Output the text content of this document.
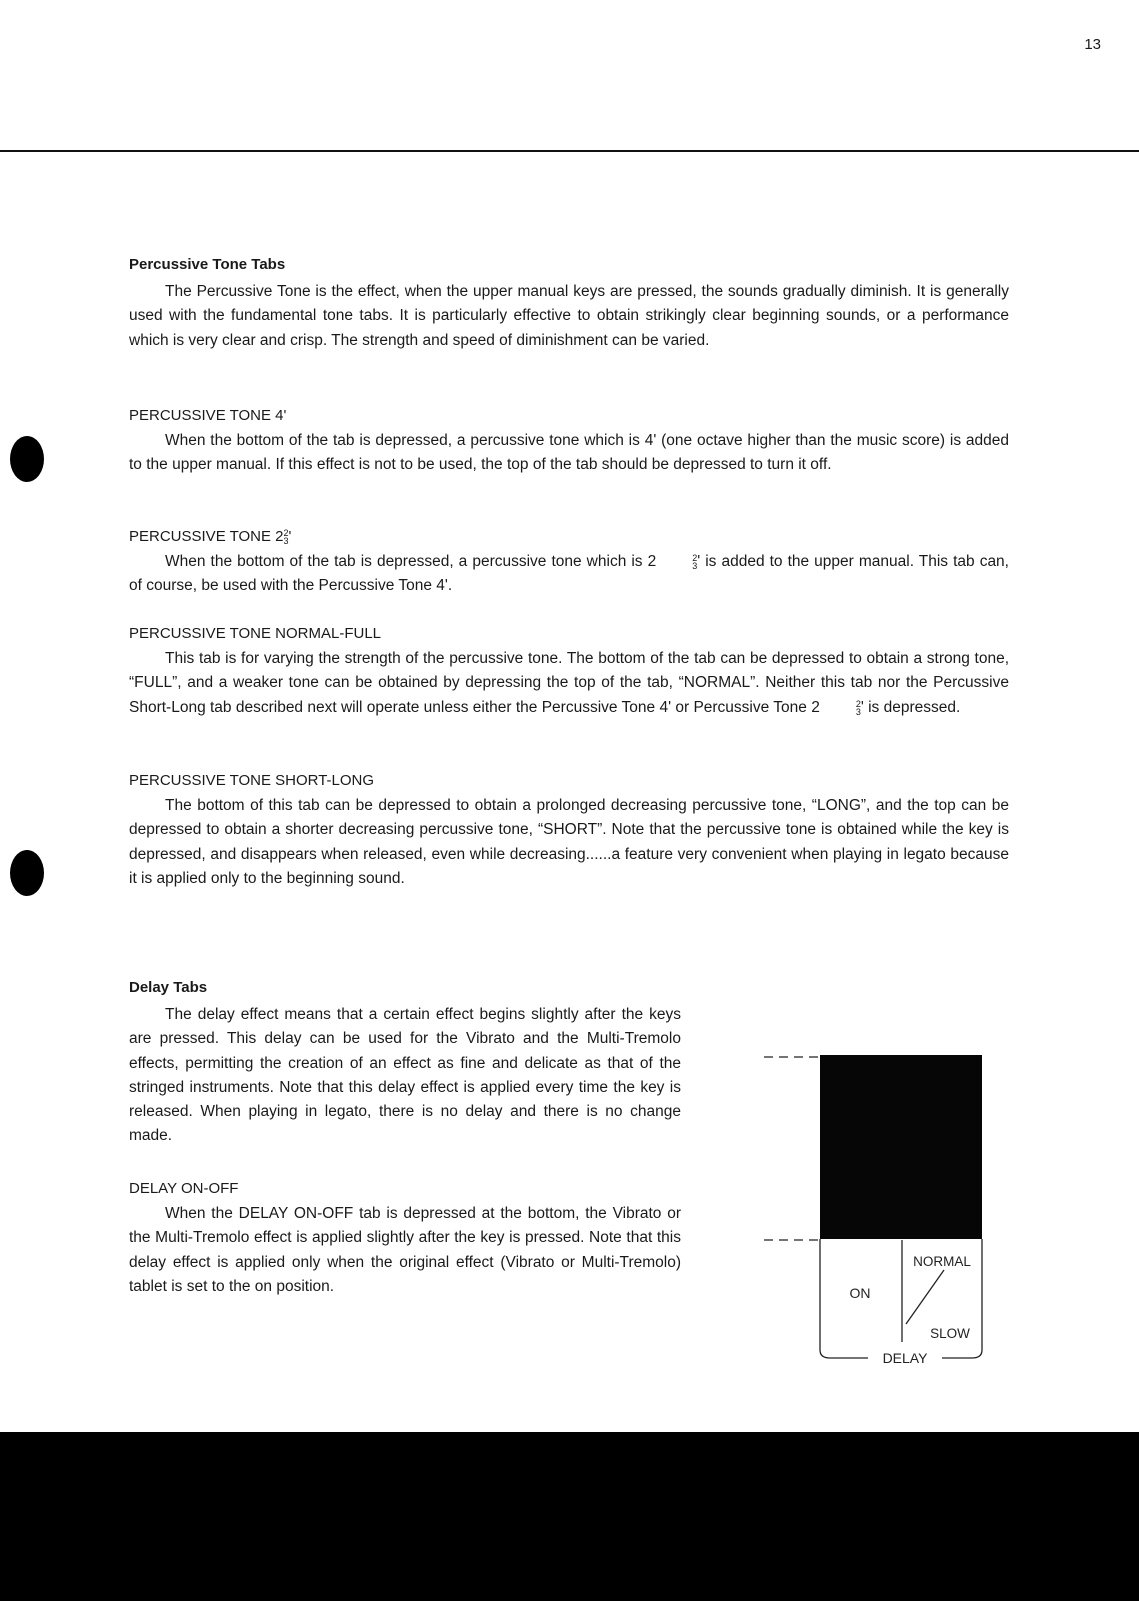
13
Percussive Tone Tabs

The Percussive Tone is the effect, when the upper manual keys are pressed, the sounds gradually diminish. It is generally used with the fundamental tone tabs. It is particularly effective to obtain strikingly clear beginning sounds, or a performance which is very clear and crisp. The strength and speed of diminishment can be varied.

PERCUSSIVE TONE 4'

When the bottom of the tab is depressed, a percussive tone which is 4' (one octave higher than the music score) is added to the upper manual. If this effect is not to be used, the top of the tab should be depressed to turn it off.

PERCUSSIVE TONE 2 2
3 '

When the bottom of the tab is depressed, a percussive tone which is 2	2
3 ' is added to the upper manual. This tab can, of course, be used with the Percussive Tone 4'.

PERCUSSIVE TONE NORMAL-FULL

This tab is for varying the strength of the percussive tone. The bottom of the tab can be depressed to obtain a strong tone, “FULL”, and a weaker tone can be obtained by depressing the top of the tab, “NORMAL”. Neither this tab nor the Percussive Short-Long tab described next will operate unless either the Percussive Tone 4' or Percussive Tone 2	2
3 ' is depressed.

PERCUSSIVE TONE SHORT-LONG

The bottom of this tab can be depressed to obtain a prolonged decreasing percussive tone, “LONG”, and the top can be depressed to obtain a shorter decreasing percussive tone, “SHORT”. Note that the percussive tone is obtained while the key is depressed, and disappears when released, even while decreasing......a feature very convenient when playing in legato because it is applied only to the beginning sound.

Delay Tabs

The delay effect means that a certain effect begins slightly after the keys are pressed. This delay can be used for the Vibrato and the Multi-Tremolo effects, permitting the creation of an effect as fine and delicate as that of the stringed instruments. Note that this delay effect is applied every time the key is released. When playing in legato, there is no delay and there is no change made.

DELAY ON-OFF

When the DELAY ON-OFF tab is depressed at the bottom, the Vibrato or the Multi-Tremolo effect is applied slightly after the key is pressed. Note that this delay effect is applied only when the original effect (Vibrato or Multi-Tremolo) tablet is set to the on position.	ON
NORMAL
SLOW
DELAY
